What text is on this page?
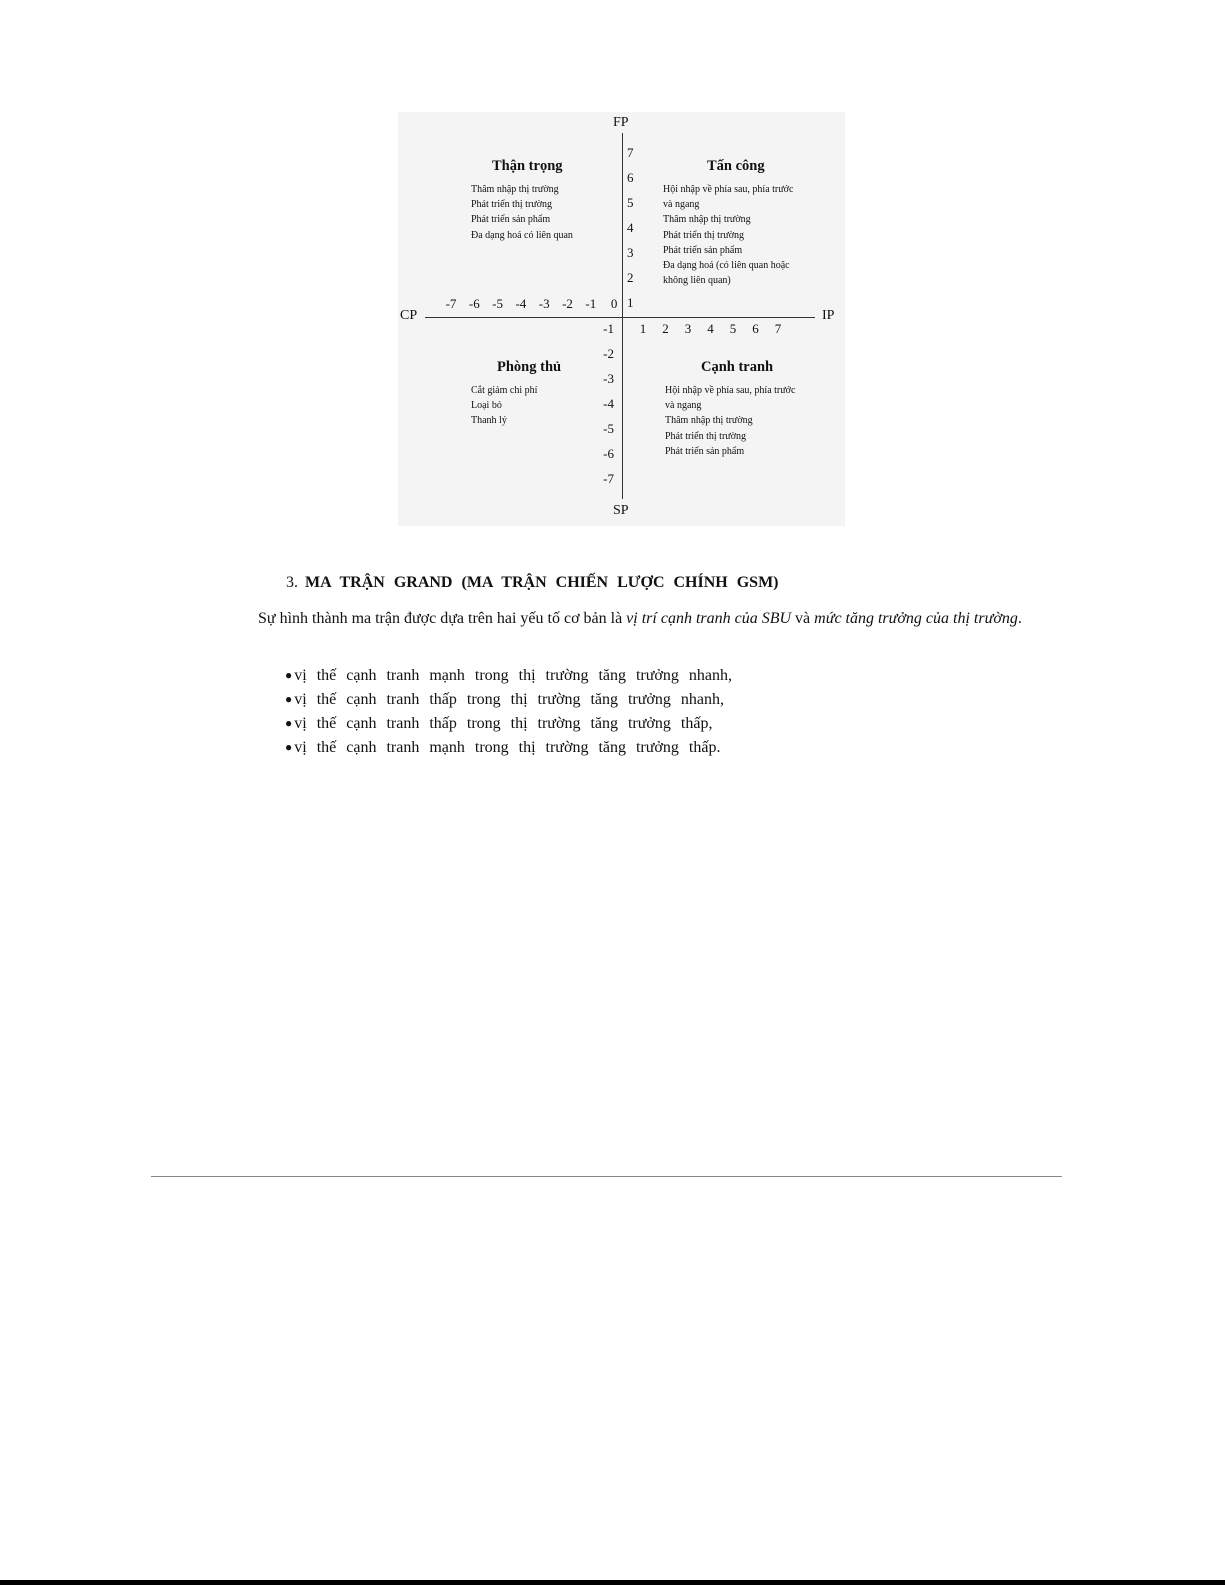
FP
SP
CP	IP
7
6
5
4
3
2
1
-1
-2
-3
-4
-5
-6
-7
-7 -6 -5 -4 -3 -2 -1 0
1 2 3 4 5 6 7
Thận trọng
Thâm nhập thị trường
Phát triển thị trường
Phát triển sản phẩm
Đa dạng hoá có liên quan
Tấn công
Hội nhập về phía sau, phía trước
và ngang
Thâm nhập thị trường
Phát triển thị trường
Phát triển sản phẩm
Đa dạng hoá (có liên quan hoặc
không liên quan)
Phòng thủ
Cắt giảm chi phí
Loại bỏ
Thanh lý
Cạnh tranh
Hội nhập về phía sau, phía trước
và ngang
Thâm nhập thị trường
Phát triển thị trường
Phát triển sản phẩm
3. MA TRẬN GRAND (MA TRẬN CHIẾN LƯỢC CHÍNH GSM)

Sự hình thành ma trận được dựa trên hai yếu tố cơ bản là vị trí cạnh tranh của SBU và mức tăng trưởng của thị trường.

● vị thế cạnh tranh mạnh trong thị trường tăng trưởng nhanh,
● vị thế cạnh tranh thấp trong thị trường tăng trưởng nhanh,
● vị thế cạnh tranh thấp trong thị trường tăng trưởng thấp,
● vị thế cạnh tranh mạnh trong thị trường tăng trưởng thấp.
